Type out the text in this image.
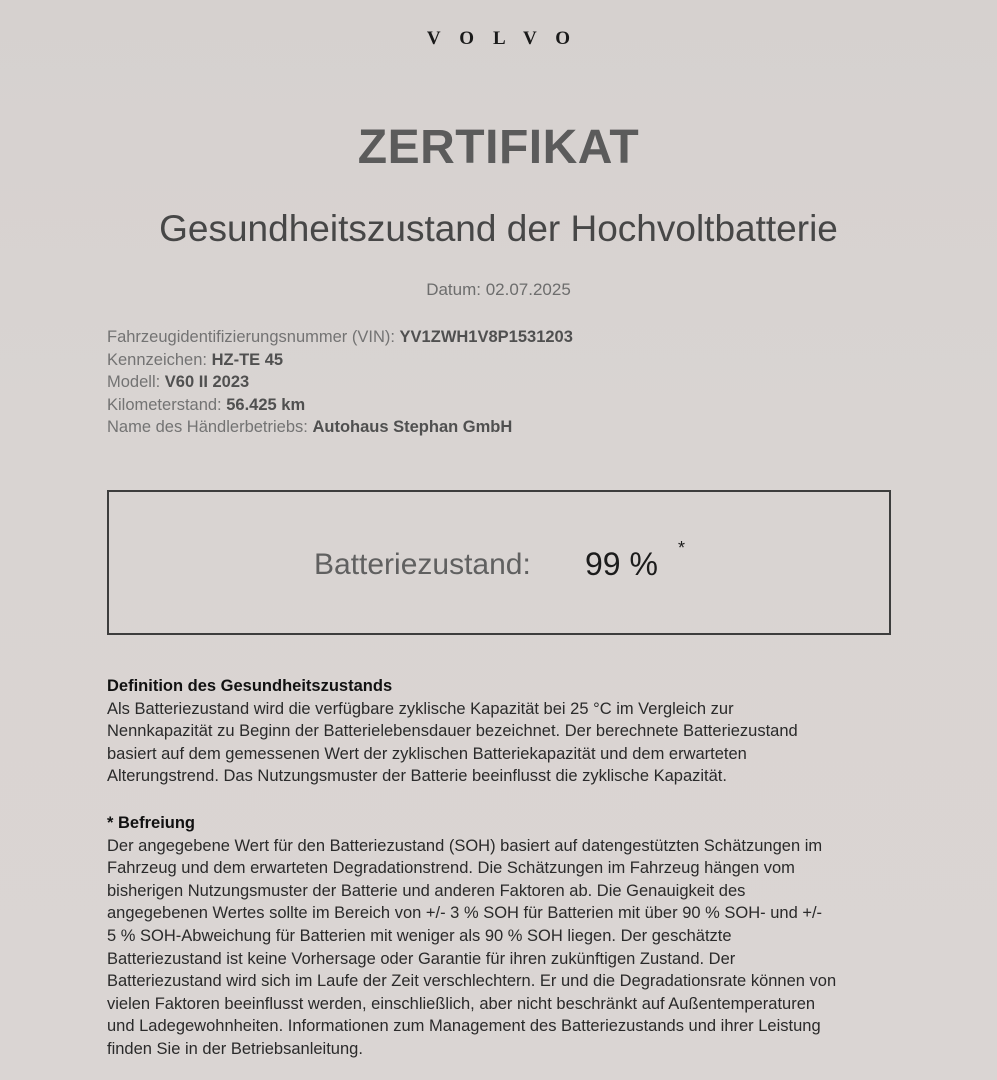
VOLVO
ZERTIFIKAT
Gesundheitszustand der Hochvoltbatterie
Datum: 02.07.2025
Fahrzeugidentifizierungsnummer (VIN): YV1ZWH1V8P1531203
Kennzeichen: HZ-TE 45
Modell: V60 II 2023
Kilometerstand: 56.425 km
Name des Händlerbetriebs: Autohaus Stephan GmbH
Batteriezustand: 99 % *
Definition des Gesundheitszustands
Als Batteriezustand wird die verfügbare zyklische Kapazität bei 25 °C im Vergleich zur
Nennkapazität zu Beginn der Batterielebensdauer bezeichnet. Der berechnete Batteriezustand
basiert auf dem gemessenen Wert der zyklischen Batteriekapazität und dem erwarteten
Alterungstrend. Das Nutzungsmuster der Batterie beeinflusst die zyklische Kapazität.
* Befreiung
Der angegebene Wert für den Batteriezustand (SOH) basiert auf datengestützten Schätzungen im
Fahrzeug und dem erwarteten Degradationstrend. Die Schätzungen im Fahrzeug hängen vom
bisherigen Nutzungsmuster der Batterie und anderen Faktoren ab. Die Genauigkeit des
angegebenen Wertes sollte im Bereich von +/- 3 % SOH für Batterien mit über 90 % SOH- und +/-
5 % SOH-Abweichung für Batterien mit weniger als 90 % SOH liegen. Der geschätzte
Batteriezustand ist keine Vorhersage oder Garantie für ihren zukünftigen Zustand. Der
Batteriezustand wird sich im Laufe der Zeit verschlechtern. Er und die Degradationsrate können von
vielen Faktoren beeinflusst werden, einschließlich, aber nicht beschränkt auf Außentemperaturen
und Ladegewohnheiten. Informationen zum Management des Batteriezustands und ihrer Leistung
finden Sie in der Betriebsanleitung.
